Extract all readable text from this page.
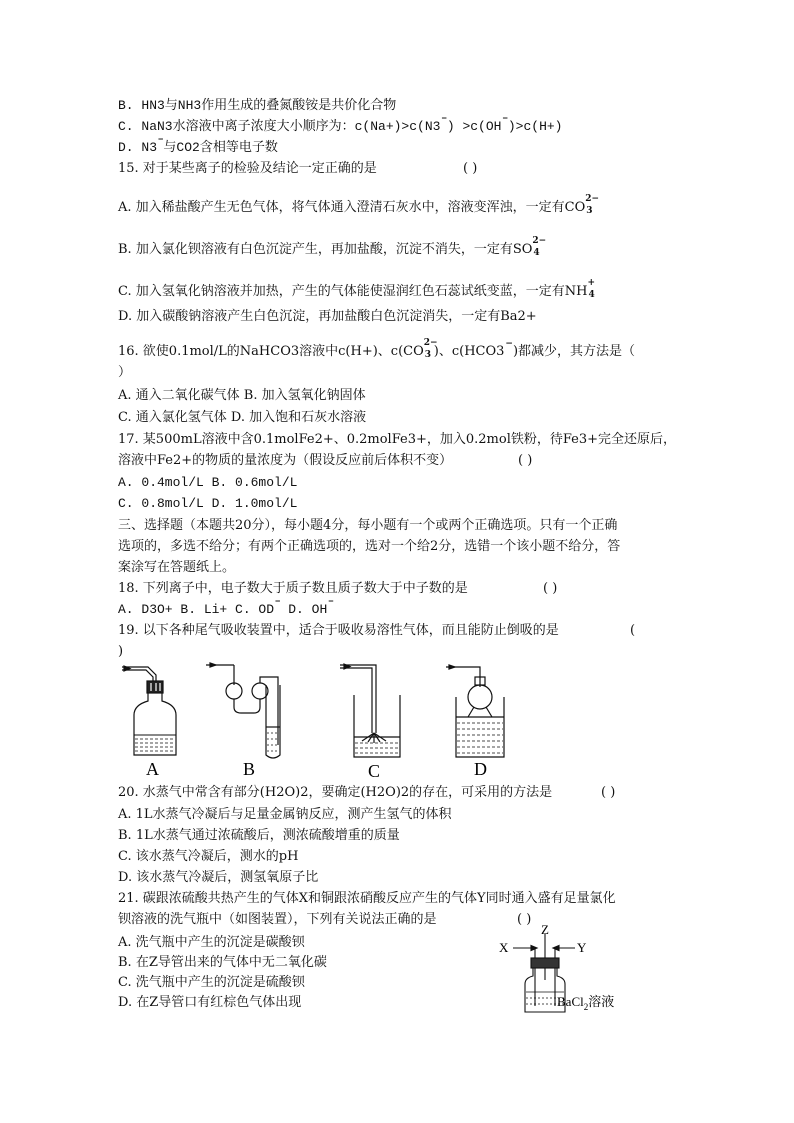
B. HN3与NH3作用生成的叠氮酸铵是共价化合物
C. NaN3水溶液中离子浓度大小顺序为：c(Na+)>c(N3−) >c(OH−)>c(H+)
D. N3−与CO2含相等电子数
15. 对于某些离子的检验及结论一定正确的是	( )
A. 加入稀盐酸产生无色气体，将气体通入澄清石灰水中，溶液变浑浊，一定有CO
2−
3
B. 加入氯化钡溶液有白色沉淀产生，再加盐酸，沉淀不消失，一定有SO
2−
4
C. 加入氢氧化钠溶液并加热，产生的气体能使湿润红色石蕊试纸变蓝，一定有NH
+
4
D. 加入碳酸钠溶液产生白色沉淀，再加盐酸白色沉淀消失，一定有Ba2+
16. 欲使0.1mol/L的NaHCO3溶液中c(H+)、c(CO
2−
3 )、c(HCO3−)都减少，其方法是（
）
A. 通入二氧化碳气体 B. 加入氢氧化钠固体
C. 通入氯化氢气体 D. 加入饱和石灰水溶液
17. 某500mL溶液中含0.1molFe2+、0.2molFe3+，加入0.2mol铁粉，待Fe3+完全还原后，
溶液中Fe2+的物质的量浓度为（假设反应前后体积不变）	( )
A. 0.4mol/L B. 0.6mol/L
C. 0.8mol/L D. 1.0mol/L
三、选择题（本题共20分），每小题4分，每小题有一个或两个正确选项。只有一个正确
选项的，多选不给分；有两个正确选项的，选对一个给2分，选错一个该小题不给分，答
案涂写在答题纸上。
18. 下列离子中，电子数大于质子数且质子数大于中子数的是	( )
A. D3O+ B. Li+ C. OD− D. OH−
19. 以下各种尾气吸收装置中，适合于吸收易溶性气体，而且能防止倒吸的是	(
)
A	B	C	D
20. 水蒸气中常含有部分(H2O)2，要确定(H2O)2的存在，可采用的方法是	( )
A. 1L水蒸气冷凝后与足量金属钠反应，测产生氢气的体积
B. 1L水蒸气通过浓硫酸后，测浓硫酸增重的质量
C. 该水蒸气冷凝后，测水的pH
D. 该水蒸气冷凝后，测氢氧原子比
21. 碳跟浓硫酸共热产生的气体X和铜跟浓硝酸反应产生的气体Y同时通入盛有足量氯化
钡溶液的洗气瓶中（如图装置），下列有关说法正确的是	( )
A. 洗气瓶中产生的沉淀是碳酸钡
B. 在Z导管出来的气体中无二氧化碳
C. 洗气瓶中产生的沉淀是硫酸钡
D. 在Z导管口有红棕色气体出现
X
Z
Y
BaCl$_2$溶液
